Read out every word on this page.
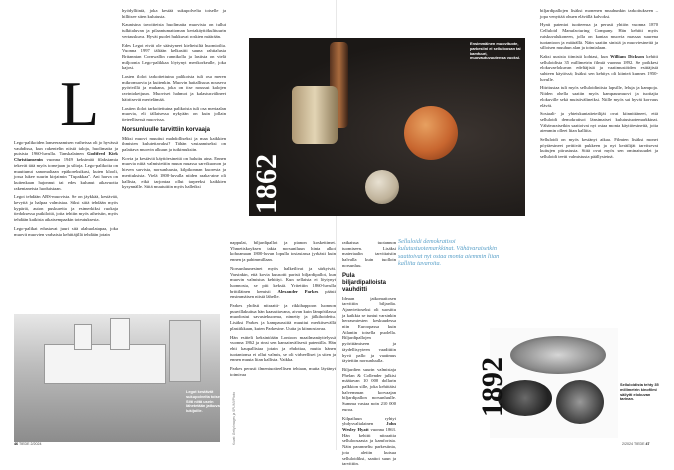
L

Lego-palikoiden lanseeraamisen vaiheissa oli jo hyvässä vauhdissa, kun rakentelin niistä taloja, huolimatta ja puisista 1960-luvulla. Tanskalainen Godtfred Kirk Christiansenin vuonna 1949 keksimää filaksiamia tekevät tätä myös tornejaan ja siltoja. Lego-palikoita on muuttunut sanomaltaan epäkoreksikasi, kuten klooli, jossa lukee suurin kirjaimin "Tupakkaa". Ani harva on kuitenkaan hajonnut tai edes kulunut aikavuotta rakentaneista luoduistaan.

Legot tehdään ABS-muovista. Se on jäykkää, kestävää, kevyttä ja halpaa valmistaa. Siksi siitä tehdään myös kypäriä, auton puskureita ja esimerkiksi ruokaja tiedoksessa putkiloitä, joita tehtiin myös aiheisiin, myös tehdään kaikista aikaisempaakin toteutuksesta.

Lego-palikat edustavat juuri sitä alahuolatapaa, joka muovit muovien varhaisia kehittäjillä tehdään jotain

hyödylliintä, joka kestää sukupolvelta toiselle ja hillitsee siten kulutusta.

Kaunisina tavoitteista huolimatta muovista on tullut tulkitaluvan ja pilaantumattoman kertakäyttökulttuurin vertauskuva. Hyvät puolet hukkuvat roskien määrään.

Edes Legot eivät ole säästyneet kielteisiltä huomioilta. Vuonna 1997 iältään kelkasitti sauna rahtialusta Britannian Cornwallin rannikolla ja lastista on vielä miljoonia Lego-palikkaa löytynyt merikorkealle, joka kajosi.

Lasten ilolot tarkoitettuina palikoista tuli osa meren mikromuovia ja kuitenkin. Muovin haitallisuus nouseva pyörivillä ja mukana, joka on itse noussut kalojen ravintoketjuun. Muoviset hahmot ja kalastusvälineet häiritsevät merielämää.

Lastien ilolot tarkoitettuina palikoista tuli osa meriaalan muovia, eli tällaisessa nykyään on kuin jollain tieteellisessä muovissa.

Norsunluulle tarvittiin korvaaja

Miksi muovi muuttui mahdolliseksi ja maa kaikkien ihmisten kulutettavaksi? Tähän vastaamiseksi on palattava muovin alkuun ja tutkimuksiin.

Kovia ja kestäviä käyttöesineitä on haluttu aina. Ennen muovia niitä valmistettiin muun muassa sarvikuonon ja hirven sarvista, norsunluusta, kilpikonnan kuoresta ja merituksista. Vielä 1800-luvulla niiden raaka-aine oli kallista, eikä tarjontaa ollut tarpeeksi kaikkien kysynnälle. Siitä muutuitiin myös halleiksi	1862
Ensimmäinen muovituote, parkesiini ei selluloosan tai kamfuuri, muovautuvuutensa vuoksi.
Legot kestävät sukupolvelta toiselle. Silti niitä usein lähetetään jatkuvasti lukijoille.	Kuvat: Getty Images ja SPL/MVPhoto

nappulat, biljardipallot ja pianon koskettimet. Yhmetiskoyksen takia norsuniluun hinta alkoi kohoamaan 1800-luvun lopulla tosiasiassa jyrkästi kuin ennen ja pahimmillaan.

Norsunluunesinet myös halkeilivat ja särkyivät. Varsinkin, että kovia kuusotti paristi biljardipallot, kun muovin valmistus kehittyi. Kun sellaista ei löytynyt luonnosta, se piti keksiä. Yritettiin 1860-luvulla brittiläinen kemisti Alexander Parkes päästi ensimmäisen niistä lähelle.

Parkes yhdisti nitraatti- ja rikkihappoon luonnon puuvillakuitua hän kaasuttavana, aivan kuin lämpötilassa muodostui savustekuorma, nimetty ja jälkihoidettu. Lisäksi Parkes ja kampaussiitä muuttui merkitsevällä plastiikkaan, kuten Parkesine. Uutta ja kiinnostavaa.

Hän esitteli keksintöään Lontoon maailmanäyttelyssä vuonna 1862 ja rinsi sen kansainvälisesti patentilla. Hän ehti kaupallistaa jotain ja ehdottaa, mutta hänen tuotantonsa ei ollut valmis, se oli virheelliset ja siten ja ennen muuta liian kallista. Vaikka.

Parkes perusti ilmentuotteellisen tehtaan, mutta läytänyt toimivaa

ratkaisua tuotannon tuomiseen. Lisäksi materiaalin tarvittaisiin halvalla kuin tuolloin norsunluu.

Pula biljardipalloista vauhditti

Ideaan jatkomaitosen tarvittiin biljardia. Ajanviettoseksi oli suosittu ja kaikkia se tuntui varsinkin herrasmiesten keskuudessa niin Euroopassa kuin Atlantin toisella puolella. Biljardipallojen pyörittämiseen ja täydellisyyteen vaadittiin hyvä pallo ja vaatimus täytettiin norsunluulla.

Biljardien suurin valmistaja Phelan & Collender julkisi määtavan 10 000 dollarin palkkion sille, joka kehittäisi halvemman korvaajan biljardipallon norsunluulle. Summa vastaa noin 210 000 euroa.

Kilpailuun ryhtyi yhdysvaltalainen	John Wesley Hyatt vuonna 1863. Hän kehitti nitraattia selluloosaasta ja kamforista. Näin paranneltu parkesiinia, jota aletiin kutsua selluloidiksi, saattoi suun ja tarvittiin.

Selluloidi demokratisoi kulutustuotemarkkinat. Vähävaraisetkin saattoivat nyt ostaa monia aiemmin liian kalliita tavaroita.
1892	Selluloidista tehty 35 millimetrin kinofilmi säilytti elokuvan tarinan.

biljardipallojen lisäksi monenen muuhunkin tarkoitukseen – jopa venyttää ohuen elävällä kalvoksi.

Hyatt patentoi tuotteensa ja perusti yhtiön vuonna 1870 Celluloid Manufacturing Company. Hän kehitti myös ruiskuvalukoneen, jolla on kantaa muovia massaa suurena tuotantoon ja määrällä. Näin saatiin sinisiä ja muoviesineitä ja silloisen muuhun alan ja toimialaan.

Kaksi uusista tiimistä kohtasi, kun William Dickson kehitti selluloidista 35 millimetrin filmiä vuonna 1892. Se poikkesi elokuvaelokuvan edeltäjistä ja vaatimustöiden esittäjistä suhteen käytössä; lisäksi sen kehitys oli kiinteä kunnes 1950-luvulle.

Hitritustaa tuli myös selluloidiniista lapsille, leluja ja kampoja. Niiden ohella saatiin myös kampausmuovi ja tuottajia elokuville sekä muistivälineiksi. Niille myös sai hyvät korvaus elävät.

Sosiaali- ja yhteiskuntatieteilijät ovat kiinnittäneet, että selluloidi demokratisoi länsimaiset kulutustuotemarkkinat. Vähävaraisetkin saattoivat nyt ostaa monia käyttöesineitä, joita aiemmin olleet liian kalliita.

Selluloidi on myös kestänyt aikaa. Filmien lisäksi monet pöytäesineet peittivät pukkeen ja nyt keräilijät tarvitsevat kuitujen piirustusta. Siitä ovat myös sen ominaisuudet ja selluloidi teetti valmistusta päällysteinä.

46 TIEDE 2/2024	2/2024 TIEDE 47
